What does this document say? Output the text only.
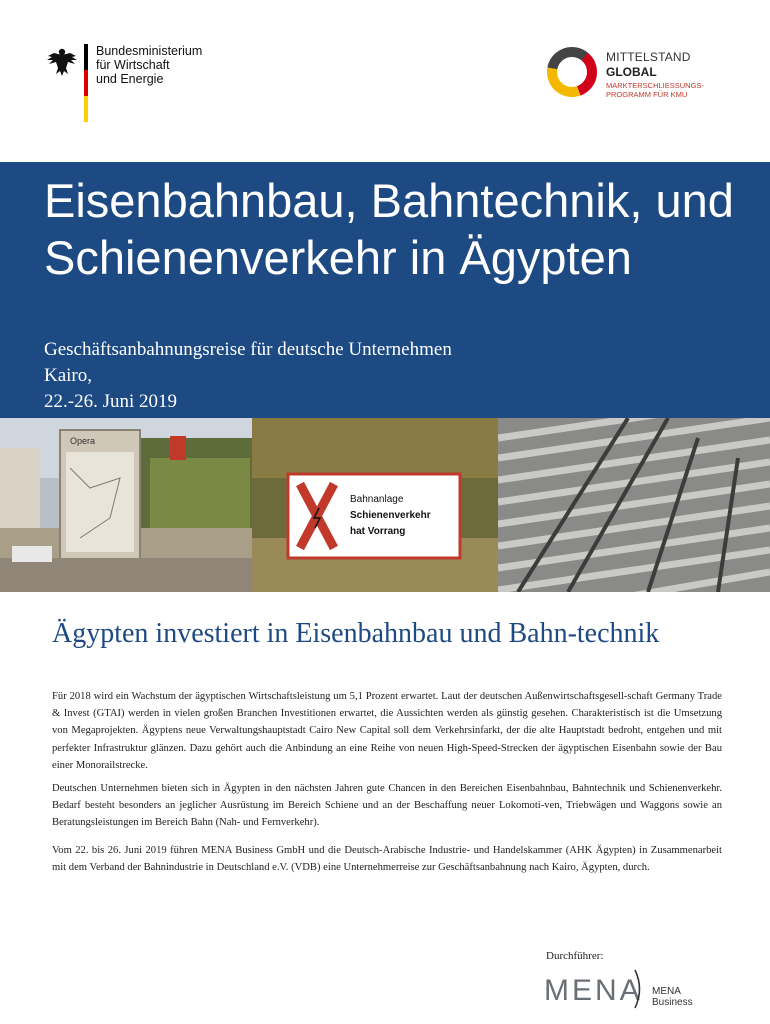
Bundesministerium
für Wirtschaft
und Energie
MITTELSTAND
GLOBAL
MARKTERSCHLIESSUNGS-
PROGRAMM FÜR KMU
Eisenbahnbau, Bahntechnik, und Schienenverkehr in Ägypten
Geschäftsanbahnungsreise für deutsche Unternehmen
Kairo,
22.-26. Juni 2019
Opera
Bahnanlage
Schienenverkehr
hat Vorrang
Ägypten investiert in Eisenbahnbau und Bahn-technik
Für 2018 wird ein Wachstum der ägyptischen Wirtschaftsleistung um 5,1 Prozent erwartet. Laut der deutschen Außenwirtschaftsgesell-schaft Germany Trade & Invest (GTAI) werden in vielen großen Branchen Investitionen erwartet, die Aussichten werden als günstig gesehen. Charakteristisch ist die Umsetzung von Megaprojekten. Ägyptens neue Verwaltungshauptstadt Cairo New Capital soll dem Verkehrsinfarkt, der die alte Hauptstadt bedroht, entgehen und mit perfekter Infrastruktur glänzen. Dazu gehört auch die Anbindung an eine Reihe von neuen High-Speed-Strecken der ägyptischen Eisenbahn sowie der Bau einer Monorailstrecke.
Deutschen Unternehmen bieten sich in Ägypten in den nächsten Jahren gute Chancen in den Bereichen Eisenbahnbau, Bahntechnik und Schienenverkehr. Bedarf besteht besonders an jeglicher Ausrüstung im Bereich Schiene und an der Beschaffung neuer Lokomoti-ven, Triebwägen und Waggons sowie an Beratungsleistungen im Bereich Bahn (Nah- und Fernverkehr).
Vom 22. bis 26. Juni 2019 führen MENA Business GmbH und die Deutsch-Arabische Industrie- und Handelskammer (AHK Ägypten) in Zusammenarbeit mit dem Verband der Bahnindustrie in Deutschland e.V. (VDB) eine Unternehmerreise zur Geschäftsanbahnung nach Kairo, Ägypten, durch.
Durchführer:
MENA MENA Business
